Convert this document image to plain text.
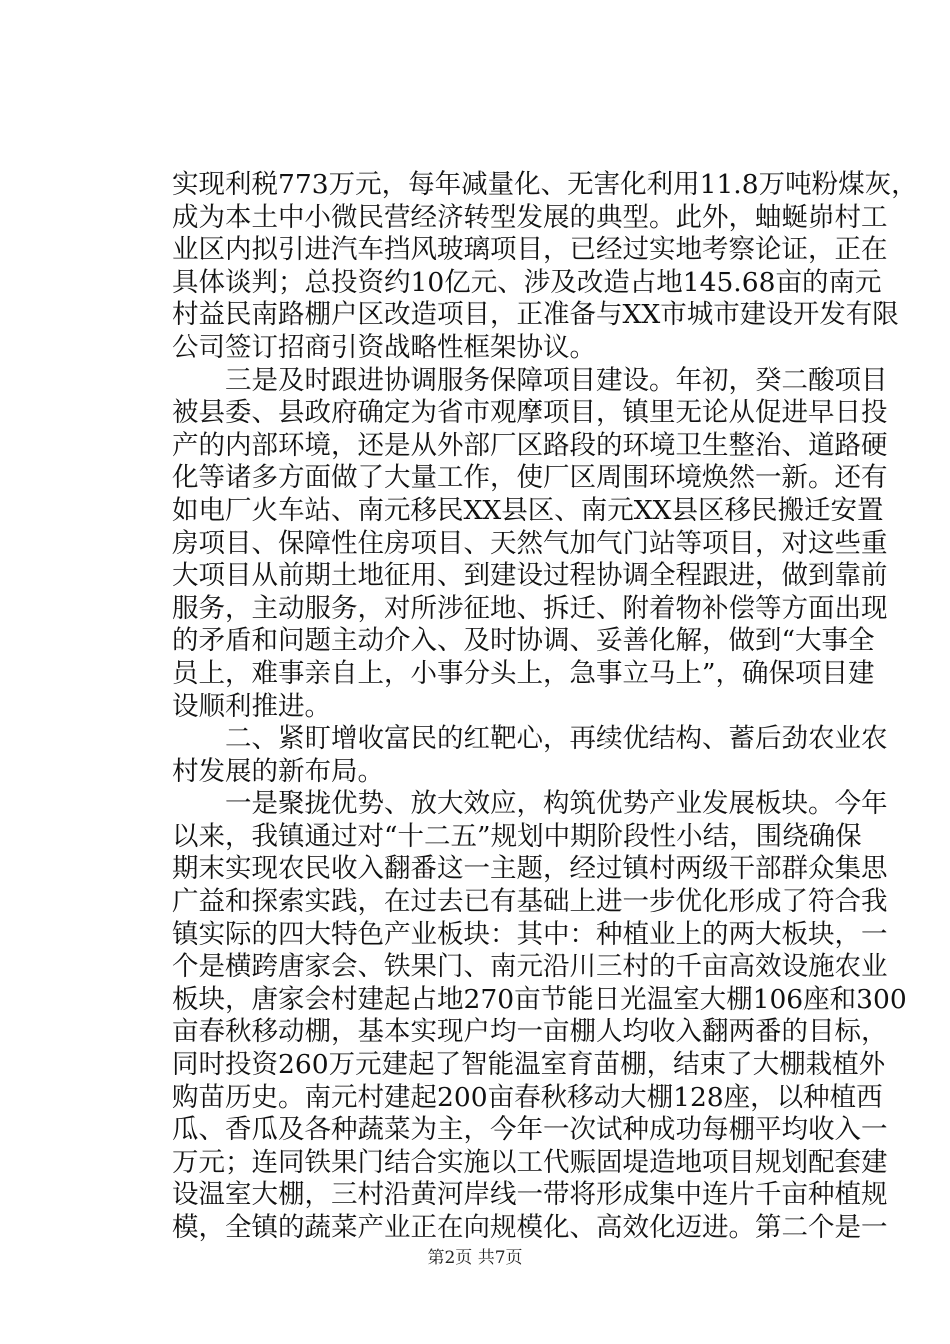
实现利税773万元，每年减量化、无害化利用11.8万吨粉煤灰，
成为本土中小微民营经济转型发展的典型。此外，蚰蜒峁村工
业区内拟引进汽车挡风玻璃项目，已经过实地考察论证，正在
具体谈判；总投资约10亿元、涉及改造占地145.68亩的南元
村益民南路棚户区改造项目，正准备与XX市城市建设开发有限
公司签订招商引资战略性框架协议。
　　三是及时跟进协调服务保障项目建设。年初，癸二酸项目
被县委、县政府确定为省市观摩项目，镇里无论从促进早日投
产的内部环境，还是从外部厂区路段的环境卫生整治、道路硬
化等诸多方面做了大量工作，使厂区周围环境焕然一新。还有
如电厂火车站、南元移民XX县区、南元XX县区移民搬迁安置
房项目、保障性住房项目、天然气加气门站等项目，对这些重
大项目从前期土地征用、到建设过程协调全程跟进，做到靠前
服务，主动服务，对所涉征地、拆迁、附着物补偿等方面出现
的矛盾和问题主动介入、及时协调、妥善化解，做到“大事全
员上，难事亲自上，小事分头上，急事立马上”，确保项目建
设顺利推进。
　　二、紧盯增收富民的红靶心，再续优结构、蓄后劲农业农
村发展的新布局。
　　一是聚拢优势、放大效应，构筑优势产业发展板块。今年
以来，我镇通过对“十二五”规划中期阶段性小结，围绕确保
期末实现农民收入翻番这一主题，经过镇村两级干部群众集思
广益和探索实践，在过去已有基础上进一步优化形成了符合我
镇实际的四大特色产业板块：其中：种植业上的两大板块，一
个是横跨唐家会、铁果门、南元沿川三村的千亩高效设施农业
板块，唐家会村建起占地270亩节能日光温室大棚106座和300
亩春秋移动棚，基本实现户均一亩棚人均收入翻两番的目标，
同时投资260万元建起了智能温室育苗棚，结束了大棚栽植外
购苗历史。南元村建起200亩春秋移动大棚128座，以种植西
瓜、香瓜及各种蔬菜为主，今年一次试种成功每棚平均收入一
万元；连同铁果门结合实施以工代赈固堤造地项目规划配套建
设温室大棚，三村沿黄河岸线一带将形成集中连片千亩种植规
模，全镇的蔬菜产业正在向规模化、高效化迈进。第二个是一
第2页 共7页
